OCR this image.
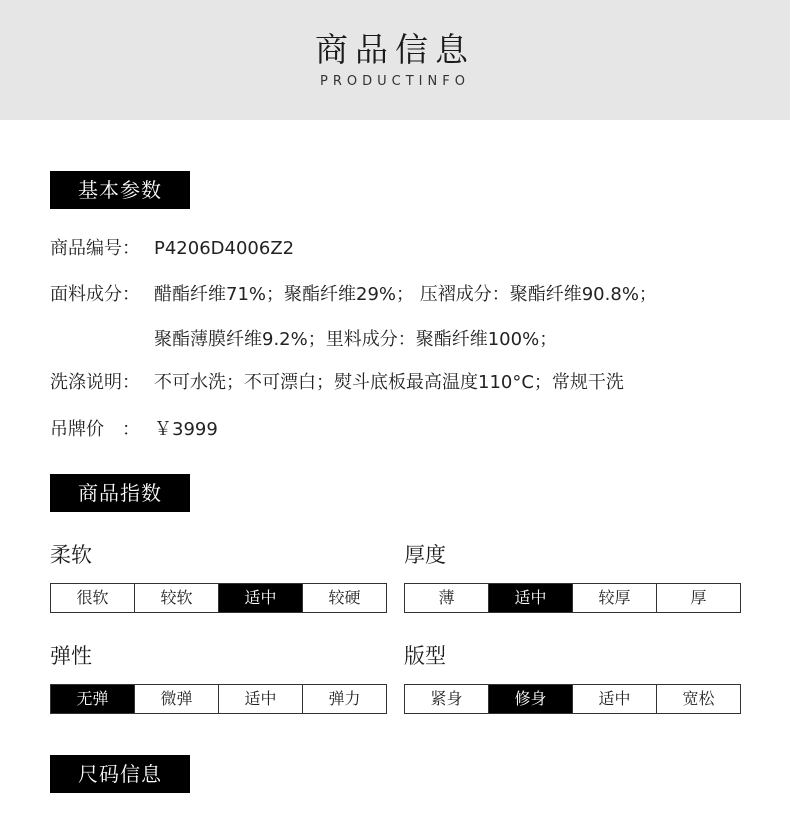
商品信息
PRODUCTINFO
基本参数
商品编号： P4206D4006Z2
面料成分： 醋酯纤维71%；聚酯纤维29%； 压褶成分：聚酯纤维90.8%；
聚酯薄膜纤维9.2%；里料成分：聚酯纤维100%；
洗涤说明： 不可水洗；不可漂白；熨斗底板最高温度110°C；常规干洗
吊牌价　： ￥3999
商品指数
柔软
很软	较软	适中	较硬
厚度
薄	适中	较厚	厚
弹性
无弹	微弹	适中	弹力
版型
紧身	修身	适中	宽松
尺码信息
